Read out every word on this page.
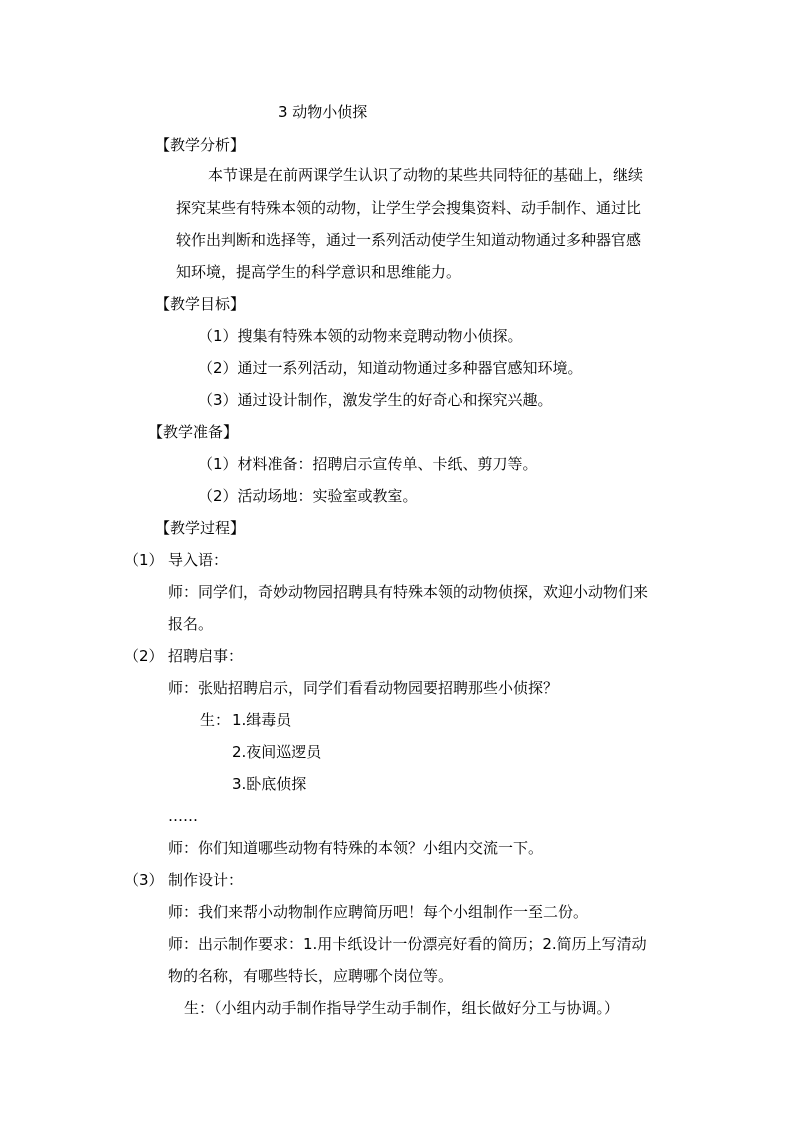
3 动物小侦探
【教学分析】
本节课是在前两课学生认识了动物的某些共同特征的基础上，继续
探究某些有特殊本领的动物，让学生学会搜集资料、动手制作、通过比
较作出判断和选择等，通过一系列活动使学生知道动物通过多种器官感
知环境，提高学生的科学意识和思维能力。
【教学目标】
（1）搜集有特殊本领的动物来竞聘动物小侦探。
（2）通过一系列活动，知道动物通过多种器官感知环境。
（3）通过设计制作，激发学生的好奇心和探究兴趣。
【教学准备】
（1）材料准备：招聘启示宣传单、卡纸、剪刀等。
（2）活动场地：实验室或教室。
【教学过程】
（1） 导入语：
师：同学们，奇妙动物园招聘具有特殊本领的动物侦探，欢迎小动物们来
报名。
（2） 招聘启事：
师：张贴招聘启示，同学们看看动物园要招聘那些小侦探？
生： 1.缉毒员
2.夜间巡逻员
3.卧底侦探
……
师：你们知道哪些动物有特殊的本领？小组内交流一下。
（3） 制作设计：
师：我们来帮小动物制作应聘简历吧！每个小组制作一至二份。
师：出示制作要求：1.用卡纸设计一份漂亮好看的简历；2.简历上写清动
物的名称，有哪些特长，应聘哪个岗位等。
生：（小组内动手制作指导学生动手制作，组长做好分工与协调。）
